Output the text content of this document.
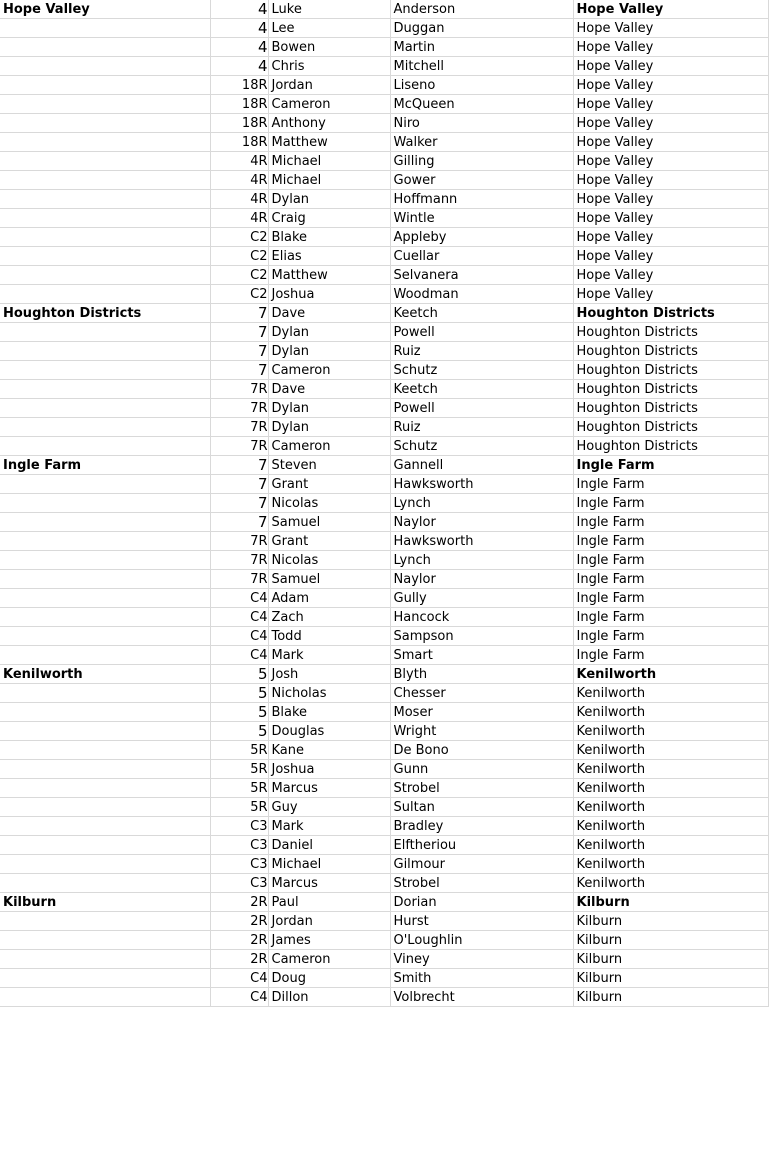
Hope Valley	4	Luke	Anderson	Hope Valley
	4	Lee	Duggan	Hope Valley
	4	Bowen	Martin	Hope Valley
	4	Chris	Mitchell	Hope Valley
	18R	Jordan	Liseno	Hope Valley
	18R	Cameron	McQueen	Hope Valley
	18R	Anthony	Niro	Hope Valley
	18R	Matthew	Walker	Hope Valley
	4R	Michael	Gilling	Hope Valley
	4R	Michael	Gower	Hope Valley
	4R	Dylan	Hoffmann	Hope Valley
	4R	Craig	Wintle	Hope Valley
	C2	Blake	Appleby	Hope Valley
	C2	Elias	Cuellar	Hope Valley
	C2	Matthew	Selvanera	Hope Valley
	C2	Joshua	Woodman	Hope Valley
Houghton Districts	7	Dave	Keetch	Houghton Districts
	7	Dylan	Powell	Houghton Districts
	7	Dylan	Ruiz	Houghton Districts
	7	Cameron	Schutz	Houghton Districts
	7R	Dave	Keetch	Houghton Districts
	7R	Dylan	Powell	Houghton Districts
	7R	Dylan	Ruiz	Houghton Districts
	7R	Cameron	Schutz	Houghton Districts
Ingle Farm	7	Steven	Gannell	Ingle Farm
	7	Grant	Hawksworth	Ingle Farm
	7	Nicolas	Lynch	Ingle Farm
	7	Samuel	Naylor	Ingle Farm
	7R	Grant	Hawksworth	Ingle Farm
	7R	Nicolas	Lynch	Ingle Farm
	7R	Samuel	Naylor	Ingle Farm
	C4	Adam	Gully	Ingle Farm
	C4	Zach	Hancock	Ingle Farm
	C4	Todd	Sampson	Ingle Farm
	C4	Mark	Smart	Ingle Farm
Kenilworth	5	Josh	Blyth	Kenilworth
	5	Nicholas	Chesser	Kenilworth
	5	Blake	Moser	Kenilworth
	5	Douglas	Wright	Kenilworth
	5R	Kane	De Bono	Kenilworth
	5R	Joshua	Gunn	Kenilworth
	5R	Marcus	Strobel	Kenilworth
	5R	Guy	Sultan	Kenilworth
	C3	Mark	Bradley	Kenilworth
	C3	Daniel	Elftheriou	Kenilworth
	C3	Michael	Gilmour	Kenilworth
	C3	Marcus	Strobel	Kenilworth
Kilburn	2R	Paul	Dorian	Kilburn
	2R	Jordan	Hurst	Kilburn
	2R	James	O'Loughlin	Kilburn
	2R	Cameron	Viney	Kilburn
	C4	Doug	Smith	Kilburn
	C4	Dillon	Volbrecht	Kilburn
